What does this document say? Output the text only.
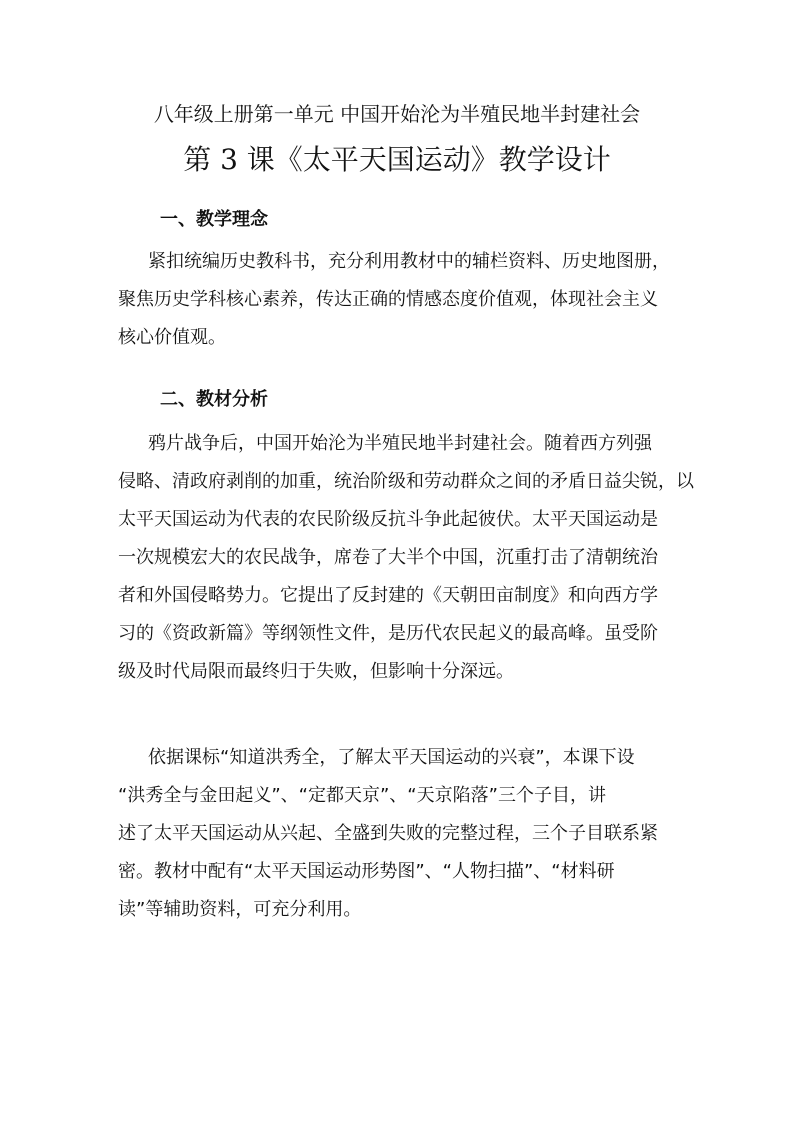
八年级上册第一单元 中国开始沦为半殖民地半封建社会
第 3 课《太平天国运动》教学设计
一、教学理念
紧扣统编历史教科书，充分利用教材中的辅栏资料、历史地图册，
聚焦历史学科核心素养，传达正确的情感态度价值观，体现社会主义
核心价值观。
二、教材分析
鸦片战争后，中国开始沦为半殖民地半封建社会。随着西方列强
侵略、清政府剥削的加重，统治阶级和劳动群众之间的矛盾日益尖锐，以
太平天国运动为代表的农民阶级反抗斗争此起彼伏。太平天国运动是
一次规模宏大的农民战争，席卷了大半个中国，沉重打击了清朝统治
者和外国侵略势力。它提出了反封建的《天朝田亩制度》和向西方学
习的《资政新篇》等纲领性文件，是历代农民起义的最高峰。虽受阶
级及时代局限而最终归于失败，但影响十分深远。
依据课标“知道洪秀全，了解太平天国运动的兴衰”，本课下设
“洪秀全与金田起义”、“定都天京”、“天京陷落”三个子目，讲
述了太平天国运动从兴起、全盛到失败的完整过程，三个子目联系紧
密。教材中配有“太平天国运动形势图”、“人物扫描”、“材料研
读”等辅助资料，可充分利用。
